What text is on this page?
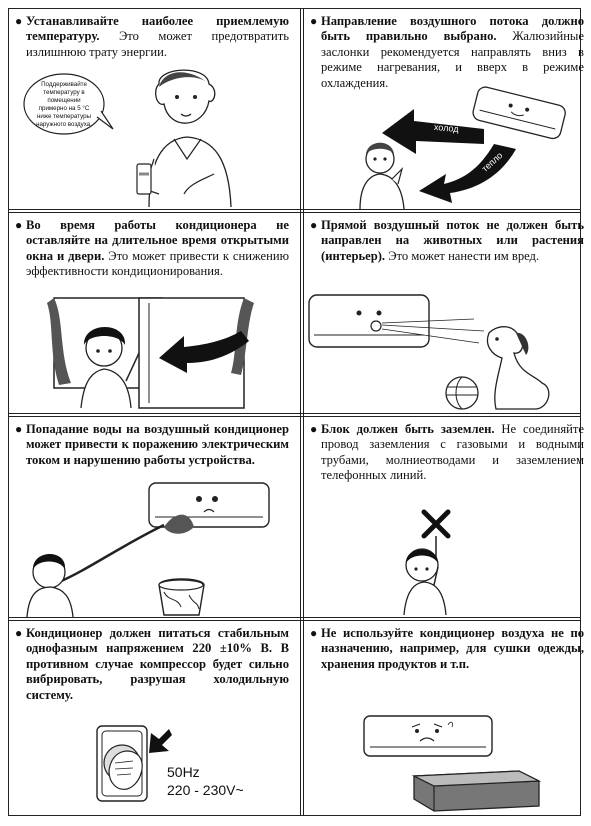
● Устанавливайте наиболее приемлемую температуру. Это может предотвратить излишнюю трату энергии.
Поддерживайте температуру в помещении примерно на 5 °С ниже температуры наружного воздуха.
● Направление воздушного потока должно быть правильно выбрано. Жалюзийные заслонки рекомендуется направлять вниз в режиме нагревания, и вверх в режиме охлаждения.
холод
тепло
● Во время работы кондиционера не оставляйте на длительное время открытыми окна и двери. Это может привести к снижению эффективности кондиционирования.
● Прямой воздушный поток не должен быть направлен на животных или растения (интерьер). Это может нанести им вред.
● Попадание воды на воздушный кондиционер может привести к поражению электрическим током и нарушению работы устройства.
● Блок должен быть заземлен. Не соединяйте провод заземления с газовыми и водными трубами, молниеотводами и заземлением телефонных линий.
● Кондиционер должен питаться стабильным однофазным напряжением 220 ±10% В. В противном случае компрессор будет сильно вибрировать, разрушая холодильную систему.
50Hz
220 - 230V~
● Не используйте кондиционер воздуха не по назначению, например, для сушки одежды, хранения продуктов и т.п.
